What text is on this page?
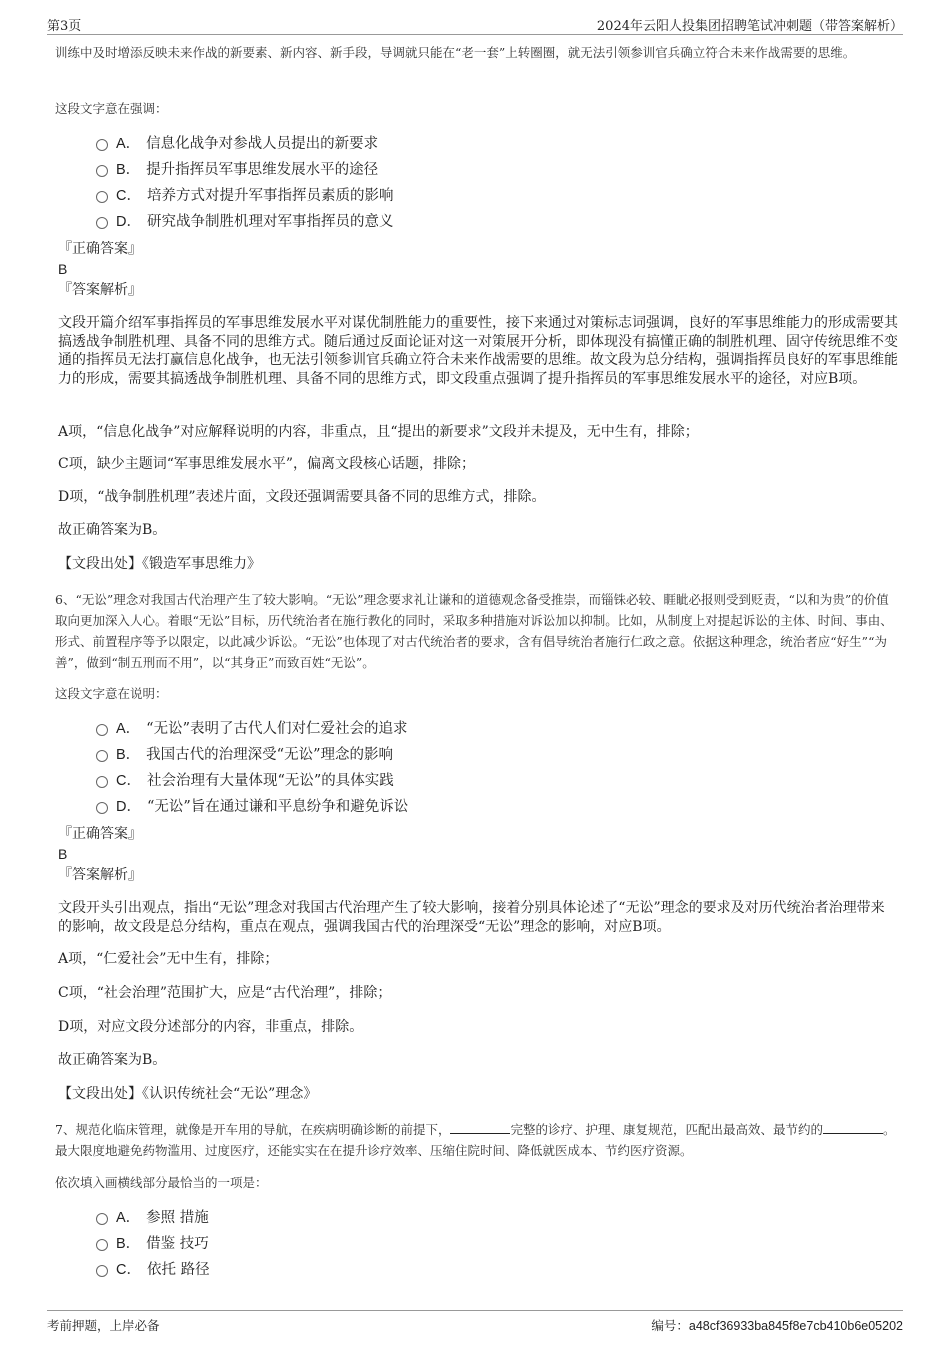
第3页	2024年云阳人投集团招聘笔试冲刺题（带答案解析）
训练中及时增添反映未来作战的新要素、新内容、新手段，导调就只能在“老一套”上转圈圈，就无法引领参训官兵确立符合未来作战需要的思维。
这段文字意在强调：
A． 信息化战争对参战人员提出的新要求
B． 提升指挥员军事思维发展水平的途径
C． 培养方式对提升军事指挥员素质的影响
D． 研究战争制胜机理对军事指挥员的意义
『正确答案』
B
『答案解析』
文段开篇介绍军事指挥员的军事思维发展水平对谋优制胜能力的重要性，接下来通过对策标志词强调，良好的军事思维能力的形成需要其搞透战争制胜机理、具备不同的思维方式。随后通过反面论证对这一对策展开分析，即体现没有搞懂正确的制胜机理、固守传统思维不变通的指挥员无法打赢信息化战争，也无法引领参训官兵确立符合未来作战需要的思维。故文段为总分结构，强调指挥员良好的军事思维能力的形成，需要其搞透战争制胜机理、具备不同的思维方式，即文段重点强调了提升指挥员的军事思维发展水平的途径，对应B项。
A项，“信息化战争”对应解释说明的内容，非重点，且“提出的新要求”文段并未提及，无中生有，排除；
C项，缺少主题词“军事思维发展水平”，偏离文段核心话题，排除；
D项，“战争制胜机理”表述片面，文段还强调需要具备不同的思维方式，排除。
故正确答案为B。
【文段出处】《锻造军事思维力》
6、“无讼”理念对我国古代治理产生了较大影响。“无讼”理念要求礼让谦和的道德观念备受推崇，而锱铢必较、睚眦必报则受到贬责，“以和为贵”的价值取向更加深入人心。着眼“无讼”目标，历代统治者在施行教化的同时，采取多种措施对诉讼加以抑制。比如，从制度上对提起诉讼的主体、时间、事由、形式、前置程序等予以限定，以此减少诉讼。“无讼”也体现了对古代统治者的要求，含有倡导统治者施行仁政之意。依据这种理念，统治者应“好生”“为善”，做到“制五刑而不用”，以“其身正”而致百姓“无讼”。
这段文字意在说明：
A． “无讼”表明了古代人们对仁爱社会的追求
B． 我国古代的治理深受“无讼”理念的影响
C． 社会治理有大量体现“无讼”的具体实践
D． “无讼”旨在通过谦和平息纷争和避免诉讼
『正确答案』
B
『答案解析』
文段开头引出观点，指出“无讼”理念对我国古代治理产生了较大影响，接着分别具体论述了“无讼”理念的要求及对历代统治者治理带来的影响，故文段是总分结构，重点在观点，强调我国古代的治理深受“无讼”理念的影响，对应B项。
A项，“仁爱社会”无中生有，排除；
C项，“社会治理”范围扩大，应是“古代治理”，排除；
D项，对应文段分述部分的内容，非重点，排除。
故正确答案为B。
【文段出处】《认识传统社会“无讼”理念》
7、规范化临床管理，就像是开车用的导航，在疾病明确诊断的前提下，	完整的诊疗、护理、康复规范，匹配出最高效、最节约的	。最大限度地避免药物滥用、过度医疗，还能实实在在提升诊疗效率、压缩住院时间、降低就医成本、节约医疗资源。
依次填入画横线部分最恰当的一项是：
A． 参照 措施
B． 借鉴 技巧
C． 依托 路径
考前押题，上岸必备	编号：a48cf36933ba845f8e7cb410b6e05202
